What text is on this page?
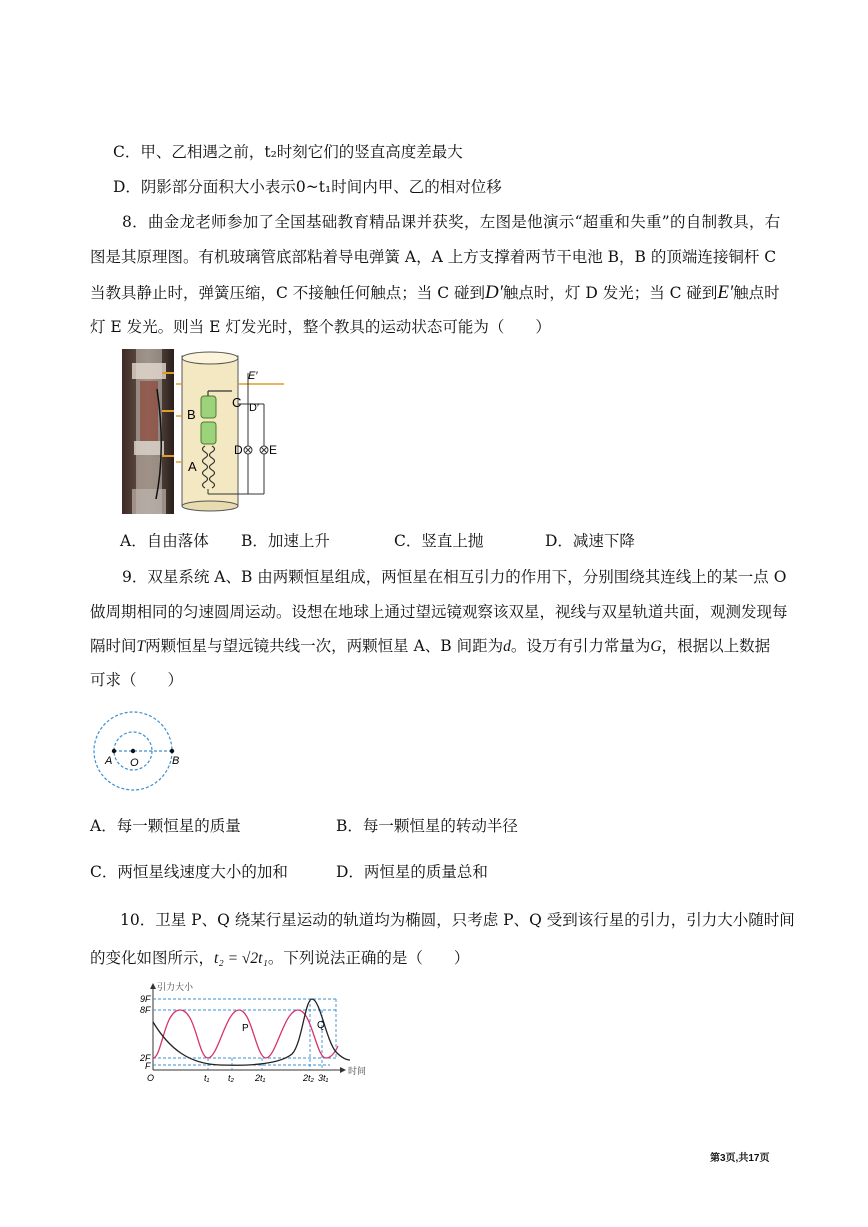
C．甲、乙相遇之前，t₂时刻它们的竖直高度差最大
D．阴影部分面积大小表示0~t₁时间内甲、乙的相对位移
8．曲金龙老师参加了全国基础教育精品课并获奖，左图是他演示“超重和失重”的自制教具，右
图是其原理图。有机玻璃管底部粘着导电弹簧 A，A 上方支撑着两节干电池 B，B 的顶端连接铜杆 C
当教具静止时，弹簧压缩，C 不接触任何触点；当 C 碰到D′触点时，灯 D 发光；当 C 碰到E′触点时
灯 E 发光。则当 E 灯发光时，整个教具的运动状态可能为（　　）
E′
C D′
B
A
D E
A．自由落体 B．加速上升	C．竖直上抛	D．减速下降
9．双星系统 A、B 由两颗恒星组成，两恒星在相互引力的作用下，分别围绕其连线上的某一点 O
做周期相同的匀速圆周运动。设想在地球上通过望远镜观察该双星，视线与双星轨道共面，观测发现每
隔时间T两颗恒星与望远镜共线一次，两颗恒星 A、B 间距为d。设万有引力常量为G，根据以上数据
可求（　　）
A O	B
A．每一颗恒星的质量	B．每一颗恒星的转动半径
C．两恒星线速度大小的加和	D．两恒星的质量总和
10．卫星 P、Q 绕某行星运动的轨道均为椭圆，只考虑 P、Q 受到该行星的引力，引力大小随时间
的变化如图所示，t₂ = √2t₁。下列说法正确的是（　　）
引力大小
时间
9F
8F
2F
F
O	t₁ t₂ 2t₁	2t₂ 3t₁
P	Q
第3页,共17页
